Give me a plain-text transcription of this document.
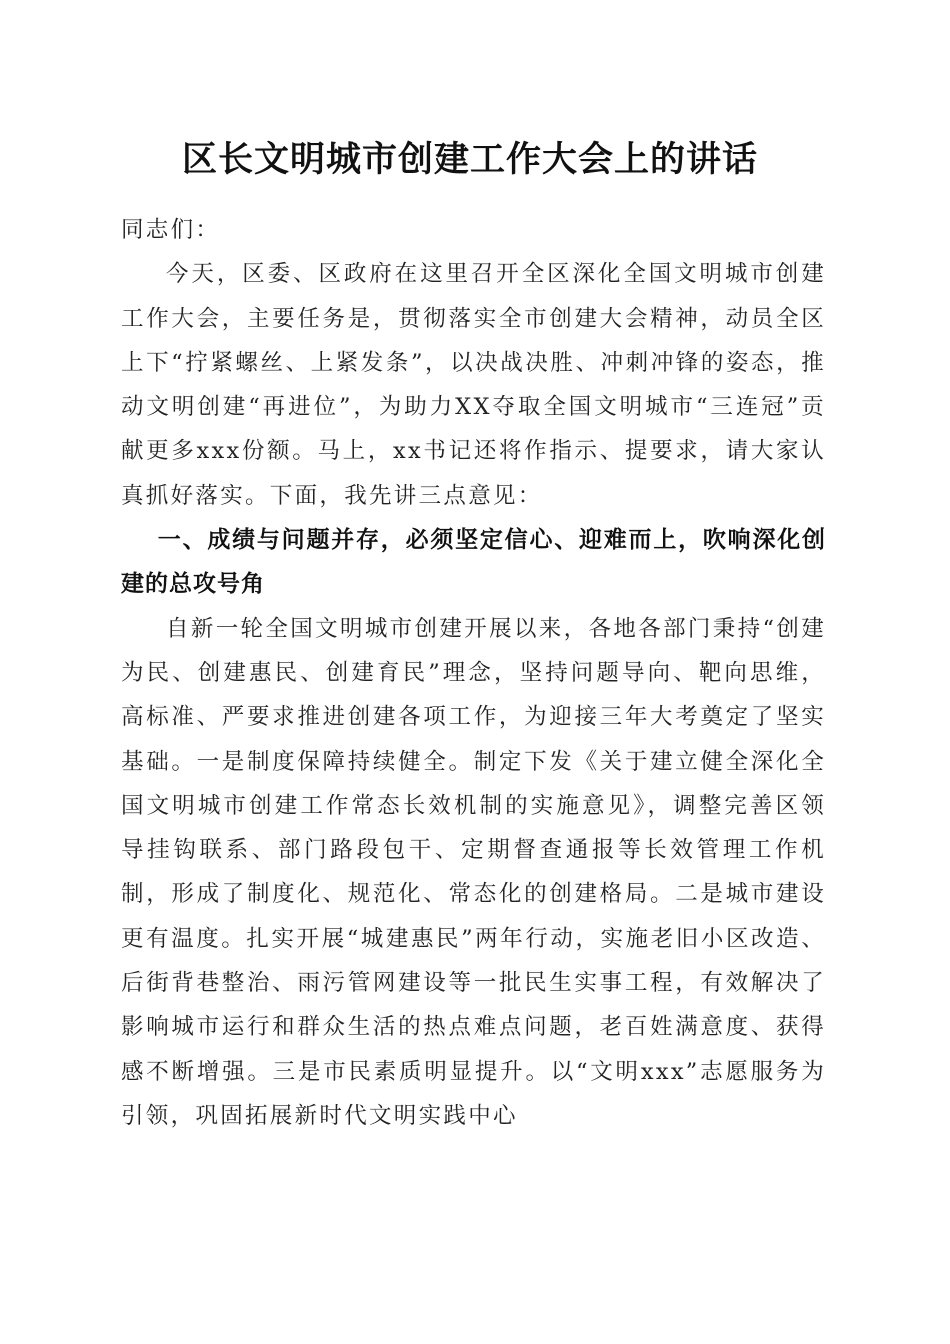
区长文明城市创建工作大会上的讲话

同志们：

今天，区委、区政府在这里召开全区深化全国文明城市创建工作大会，主要任务是，贯彻落实全市创建大会精神，动员全区上下“拧紧螺丝、上紧发条”，以决战决胜、冲刺冲锋的姿态，推动文明创建“再进位”，为助力XX夺取全国文明城市“三连冠”贡献更多xxx份额。马上，xx书记还将作指示、提要求，请大家认真抓好落实。下面，我先讲三点意见：

一、成绩与问题并存，必须坚定信心、迎难而上，吹响深化创建的总攻号角

自新一轮全国文明城市创建开展以来，各地各部门秉持“创建为民、创建惠民、创建育民”理念，坚持问题导向、靶向思维，高标准、严要求推进创建各项工作，为迎接三年大考奠定了坚实基础。一是制度保障持续健全。制定下发《关于建立健全深化全国文明城市创建工作常态长效机制的实施意见》，调整完善区领导挂钩联系、部门路段包干、定期督查通报等长效管理工作机制，形成了制度化、规范化、常态化的创建格局。二是城市建设更有温度。扎实开展“城建惠民”两年行动，实施老旧小区改造、后街背巷整治、雨污管网建设等一批民生实事工程，有效解决了影响城市运行和群众生活的热点难点问题，老百姓满意度、获得感不断增强。三是市民素质明显提升。以“文明xxx”志愿服务为引领，巩固拓展新时代文明实践中心
